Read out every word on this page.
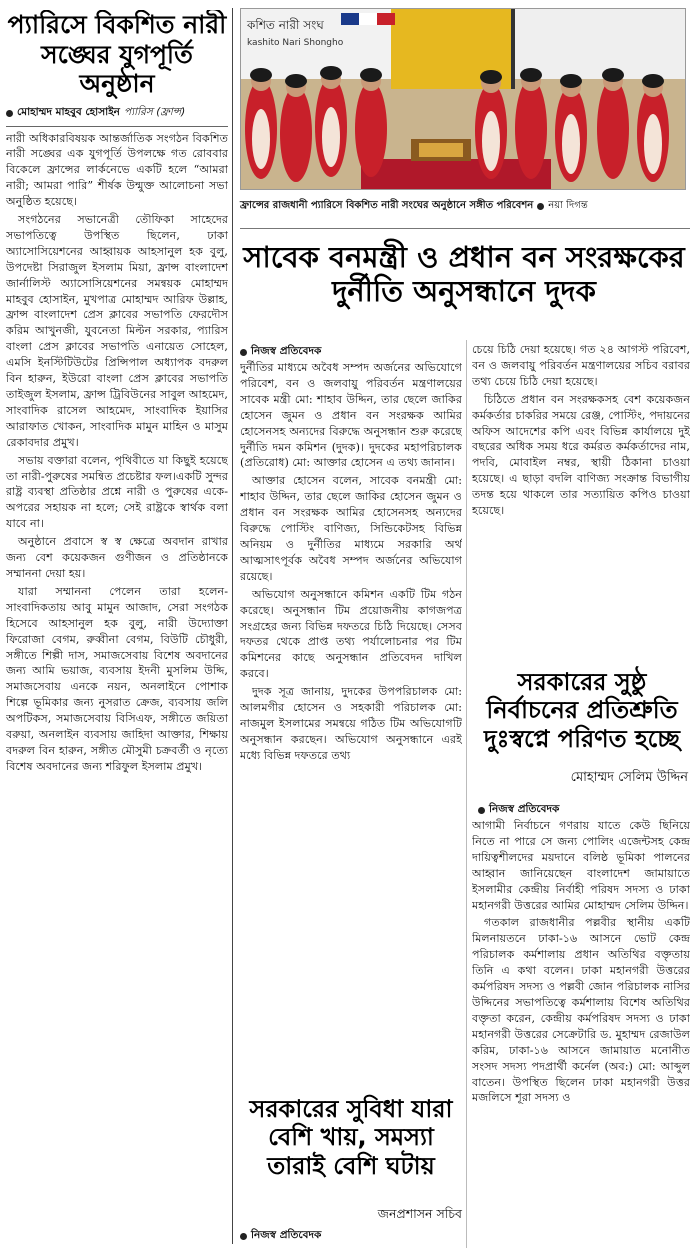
প্যারিসে বিকশিত নারী সঙ্ঘের যুগপূর্তি অনুষ্ঠান
মোহাম্মদ মাহবুব হোসাইন প্যারিস (ফ্রান্স)

নারী অধিকারবিষয়ক আন্তর্জাতিক সংগঠন বিকশিত নারী সঙ্ঘের এক যুগপূর্তি উপলক্ষে গত রোববার বিকেলে ফ্রান্সের লার্কনেভে একটি হলে “আমরা নারী; আমরা পারি” শীর্ষক উন্মুক্ত আলোচনা সভা অনুষ্ঠিত হয়েছে।

সংগঠনের সভানেত্রী তৌফিকা সাহেদের সভাপতিত্বে উপস্থিত ছিলেন, ঢাকা অ্যাসোসিয়েশনের আহ্বায়ক আহসানুল হক বুলু, উপদেষ্টা সিরাজুল ইসলাম মিয়া, ফ্রান্স বাংলাদেশ জার্নালিস্ট অ্যাসোসিয়েশনের সমন্বয়ক মোহাম্মদ মাহবুব হোসাইন, মুখপাত্র মোহাম্মদ আরিফ উল্লাহ, ফ্রান্স বাংলাদেশ প্রেস ক্লাবের সভাপতি ফেরদৌস করিম আখুনজী, যুবনেতা মিল্টন সরকার, প্যারিস বাংলা প্রেস ক্লাবের সভাপতি এনায়েত সোহেল, এমসি ইনস্টিটিউটের প্রিন্সিপাল অধ্যাপক বদরুল বিন হারুন, ইউরো বাংলা প্রেস ক্লাবের সভাপতি তাইজুল ইসলাম, ফ্রান্স ট্রিবিউনের সাবুল আহমেদ, সাংবাদিক রাসেল আহমেদ, সাংবাদিক ইয়াসির আরাফাত খোকন, সাংবাদিক মামুন মাহিন ও মাসুম রেকাবদার প্রমুখ।

সভায় বক্তারা বলেন, পৃথিবীতে যা কিছুই হয়েছে তা নারী-পুরুষের সমন্বিত প্রচেষ্টার ফল।একটি সুন্দর রাষ্ট্র ব্যবস্থা প্রতিষ্ঠার প্রশ্নে নারী ও পুরুষের একে-অপরের সহায়ক না হলে; সেই রাষ্ট্রকে স্বার্থক বলা যাবে না।

অনুষ্ঠানে প্রবাসে স্ব স্ব ক্ষেত্রে অবদান রাখার জন্য বেশ কয়েকজন গুণীজন ও প্রতিষ্ঠানকে সম্মাননা দেয়া হয়।

যারা সম্মাননা পেলেন তারা হলেন-সাংবাদিকতায় আবু মামুন আজাদ, সেরা সংগঠক হিসেবে আহসানুল হক বুলু, নারী উদ্যোক্তা ফিরোজা বেগম, রুব্বীনা বেগম, বিউটি চৌধুরী, সঙ্গীতে শিল্পী দাস, সমাজসেবায় বিশেষ অবদানের জন্য আমি ভয়াজ, ব্যবসায় ইদনী মুসলিম উদ্দি, সমাজসেবায় এনকে নয়ন, অনলাইনে পোশাক শিল্পে ভূমিকার জন্য নুসরাত ক্রেজ, ব্যবসায় জলি অপটিকস, সমাজসেবায় বিসিএফ, সঙ্গীতে জয়িতা বরুয়া, অনলাইন ব্যবসায় জাহিদা আক্তার, শিক্ষায় বদরুল বিন হারুন, সঙ্গীত মৌসুমী চক্রবর্তী ও নৃত্যে বিশেষ অবদানের জন্য শরিফুল ইসলাম প্রমুখ।

কশিত নারী সংঘ
kashito Nari Shongho
ফ্রান্সের রাজধানী প্যারিসে বিকশিত নারী সংঘের অনুষ্ঠানে সঙ্গীত পরিবেশন নয়া দিগন্ত
সাবেক বনমন্ত্রী ও প্রধান বন সংরক্ষকের দুর্নীতি অনুসন্ধানে দুদক
নিজস্ব প্রতিবেদক

দুর্নীতির মাধ্যমে অবৈধ সম্পদ অর্জনের অভিযোগে পরিবেশ, বন ও জলবায়ু পরিবর্তন মন্ত্রণালয়ের সাবেক মন্ত্রী মো: শাহাব উদ্দিন, তার ছেলে জাকির হোসেন জুমন ও প্রধান বন সংরক্ষক আমির হোসেনসহ অন্যদের বিরুদ্ধে অনুসন্ধান শুরু করেছে দুর্নীতি দমন কমিশন (দুদক)। দুদকের মহাপরিচালক (প্রতিরোধ) মো: আক্তার হোসেন এ তথ্য জানান।

আক্তার হোসেন বলেন, সাবেক বনমন্ত্রী মো: শাহাব উদ্দিন, তার ছেলে জাকির হোসেন জুমন ও প্রধান বন সংরক্ষক আমির হোসেনসহ অন্যদের বিরুদ্ধে পোস্টিং বাণিজ্য, সিন্ডিকেটসহ বিভিন্ন অনিয়ম ও দুর্নীতির মাধ্যমে সরকারি অর্থ আত্মসাৎপূর্বক অবৈধ সম্পদ অর্জনের অভিযোগ রয়েছে।

অভিযোগ অনুসন্ধানে কমিশন একটি টিম গঠন করেছে। অনুসন্ধান টিম প্রয়োজনীয় কাগজপত্র সংগ্রহের জন্য বিভিন্ন দফতরে চিঠি দিয়েছে। সেসব দফতর থেকে প্রাপ্ত তথ্য পর্যালোচনার পর টিম কমিশনের কাছে অনুসন্ধান প্রতিবেদন দাখিল করবে।

দুদক সূত্র জানায়, দুদকের উপপরিচালক মো: আলমগীর হোসেন ও সহকারী পরিচালক মো: নাজমুল ইসলামের সমন্বয়ে গঠিত টিম অভিযোগটি অনুসন্ধান করছেন। অভিযোগ অনুসন্ধানে এরই মধ্যে বিভিন্ন দফতরে তথ্য

চেয়ে চিঠি দেয়া হয়েছে। গত ২৪ আগস্ট পরিবেশ, বন ও জলবায়ু পরিবর্তন মন্ত্রণালয়ের সচিব বরাবর তথ্য চেয়ে চিঠি দেয়া হয়েছে।

চিঠিতে প্রধান বন সংরক্ষকসহ বেশ কয়েকজন কর্মকর্তার চাকরির সময়ে রেঞ্জ, পোস্টিং, পদায়নের অফিস আদেশের কপি এবং বিভিন্ন কার্যালয়ে দুই বছরের অধিক সময় ধরে কর্মরত কর্মকর্তাদের নাম, পদবি, মোবাইল নম্বর, স্থায়ী ঠিকানা চাওয়া হয়েছে। এ ছাড়া বদলি বাণিজ্য সংক্রান্ত বিভাগীয় তদন্ত হয়ে থাকলে তার সত্যায়িত কপিও চাওয়া হয়েছে।

সরকারের সুষ্ঠু নির্বাচনের প্রতিশ্রুতি দুঃস্বপ্নে পরিণত হচ্ছে
মোহাম্মদ সেলিম উদ্দিন
নিজস্ব প্রতিবেদক

আগামী নির্বাচনে গণরায় যাতে কেউ ছিনিয়ে নিতে না পারে সে জন্য পোলিং এজেন্টসহ কেন্দ্র দায়িত্বশীলদের ময়দানে বলিষ্ঠ ভূমিকা পালনের আহ্বান জানিয়েছেন বাংলাদেশ জামায়াতে ইসলামীর কেন্দ্রীয় নির্বাহী পরিষদ সদস্য ও ঢাকা মহানগরী উত্তরের আমির মোহাম্মদ সেলিম উদ্দিন।

গতকাল রাজধানীর পল্লবীর স্থানীয় একটি মিলনায়তনে ঢাকা-১৬ আসনে ভোট কেন্দ্র পরিচালক কর্মশালায় প্রধান অতিথির বক্তৃতায় তিনি এ কথা বলেন। ঢাকা মহানগরী উত্তরের কর্মপরিষদ সদস্য ও পল্লবী জোন পরিচালক নাসির উদ্দিনের সভাপতিত্বে কর্মশালায় বিশেষ অতিথির বক্তৃতা করেন, কেন্দ্রীয় কর্মপরিষদ সদস্য ও ঢাকা মহানগরী উত্তরের সেক্রেটারি ড. মুহাম্মদ রেজাউল করিম, ঢাকা-১৬ আসনে জামায়াত মনোনীত সংসদ সদস্য পদপ্রার্থী কর্নেল (অব:) মো: আব্দুল বাতেন। উপস্থিত ছিলেন ঢাকা মহানগরী উত্তর মজলিসে শূরা সদস্য ও

সরকারের সুবিধা যারা বেশি খায়, সমস্যা তারাই বেশি ঘটায়
জনপ্রশাসন সচিব
নিজস্ব প্রতিবেদক
